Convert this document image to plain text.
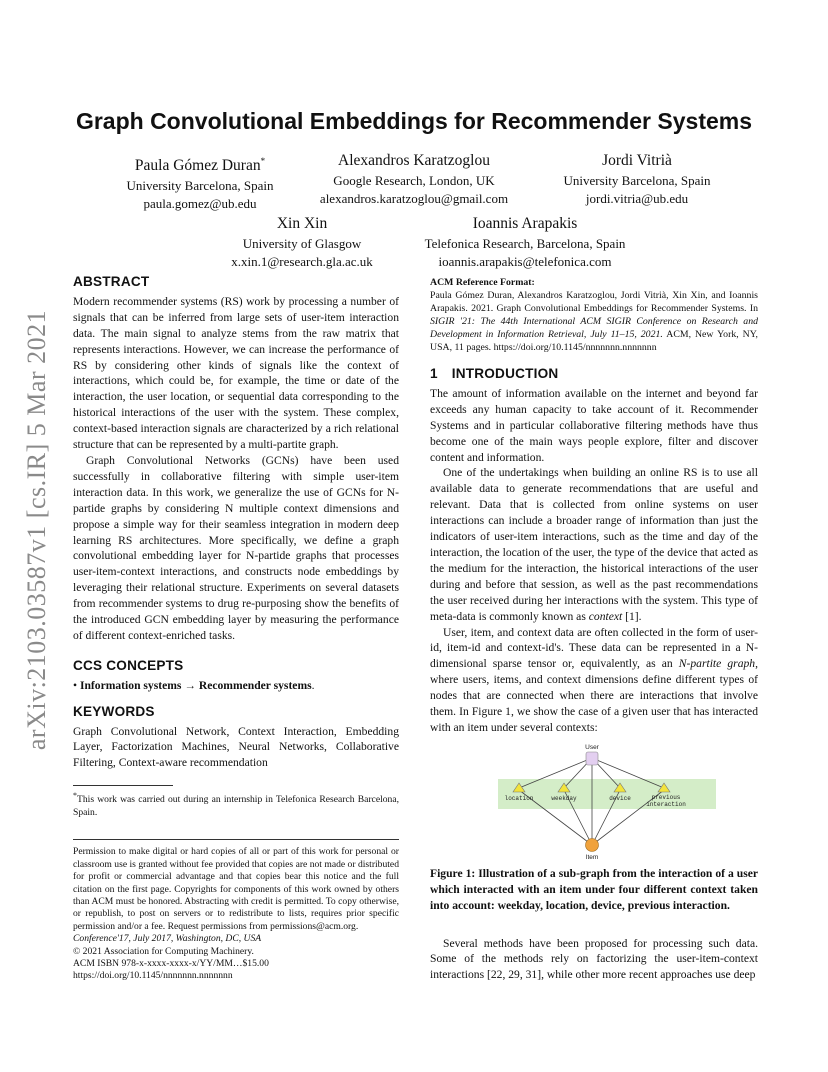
arXiv:2103.03587v1 [cs.IR] 5 Mar 2021
Graph Convolutional Embeddings for Recommender Systems
Paula Gómez Duran*
University Barcelona, Spain
paula.gomez@ub.edu
Alexandros Karatzoglou
Google Research, London, UK
alexandros.karatzoglou@gmail.com
Jordi Vitrià
University Barcelona, Spain
jordi.vitria@ub.edu
Xin Xin
University of Glasgow
x.xin.1@research.gla.ac.uk
Ioannis Arapakis
Telefonica Research, Barcelona, Spain
ioannis.arapakis@telefonica.com
ABSTRACT

Modern recommender systems (RS) work by processing a number of signals that can be inferred from large sets of user-item interaction data. The main signal to analyze stems from the raw matrix that represents interactions. However, we can increase the performance of RS by considering other kinds of signals like the context of interactions, which could be, for example, the time or date of the interaction, the user location, or sequential data corresponding to the historical interactions of the user with the system. These complex, context-based interaction signals are characterized by a rich relational structure that can be represented by a multi-partite graph.

Graph Convolutional Networks (GCNs) have been used successfully in collaborative filtering with simple user-item interaction data. In this work, we generalize the use of GCNs for N-partide graphs by considering N multiple context dimensions and propose a simple way for their seamless integration in modern deep learning RS architectures. More specifically, we define a graph convolutional embedding layer for N-partide graphs that processes user-item-context interactions, and constructs node embeddings by leveraging their relational structure. Experiments on several datasets from recommender systems to drug re-purposing show the benefits of the introduced GCN embedding layer by measuring the performance of different context-enriched tasks.

CCS CONCEPTS

• Information systems → Recommender systems.

KEYWORDS

Graph Convolutional Network, Context Interaction, Embedding Layer, Factorization Machines, Neural Networks, Collaborative Filtering, Context-aware recommendation

*This work was carried out during an internship in Telefonica Research Barcelona, Spain.

Permission to make digital or hard copies of all or part of this work for personal or classroom use is granted without fee provided that copies are not made or distributed for profit or commercial advantage and that copies bear this notice and the full citation on the first page. Copyrights for components of this work owned by others than ACM must be honored. Abstracting with credit is permitted. To copy otherwise, or republish, to post on servers or to redistribute to lists, requires prior specific permission and/or a fee. Request permissions from permissions@acm.org.

Conference'17, July 2017, Washington, DC, USA
© 2021 Association for Computing Machinery.
ACM ISBN 978-x-xxxx-xxxx-x/YY/MM…$15.00
https://doi.org/10.1145/nnnnnnn.nnnnnnn
ACM Reference Format:

Paula Gómez Duran, Alexandros Karatzoglou, Jordi Vitrià, Xin Xin, and Ioannis Arapakis. 2021. Graph Convolutional Embeddings for Recommender Systems. In SIGIR '21: The 44th International ACM SIGIR Conference on Research and Development in Information Retrieval, July 11–15, 2021. ACM, New York, NY, USA, 11 pages. https://doi.org/10.1145/nnnnnnn.nnnnnnn

1 INTRODUCTION

The amount of information available on the internet and beyond far exceeds any human capacity to take account of it. Recommender Systems and in particular collaborative filtering methods have thus become one of the main ways people explore, filter and discover content and information.

One of the undertakings when building an online RS is to use all available data to generate recommendations that are useful and relevant. Data that is collected from online systems on user interactions can include a broader range of information than just the indicators of user-item interactions, such as the time and day of the interaction, the location of the user, the type of the device that acted as the medium for the interaction, the historical interactions of the user during and before that session, as well as the past recommendations the user received during her interactions with the system. This type of meta-data is commonly known as context [1].

User, item, and context data are often collected in the form of user-id, item-id and context-id's. These data can be represented in a N-dimensional sparse tensor or, equivalently, as an N-partite graph, where users, items, and context dimensions define different types of nodes that are connected when there are interactions that involve them. In Figure 1, we show the case of a given user that has interacted with an item under several contexts:

User
Item
location	weekday	device	previous
interaction

Figure 1: Illustration of a sub-graph from the interaction of a user which interacted with an item under four different context taken into account: weekday, location, device, previous interaction.

Several methods have been proposed for processing such data. Some of the methods rely on factorizing the user-item-context interactions [22, 29, 31], while other more recent approaches use deep
